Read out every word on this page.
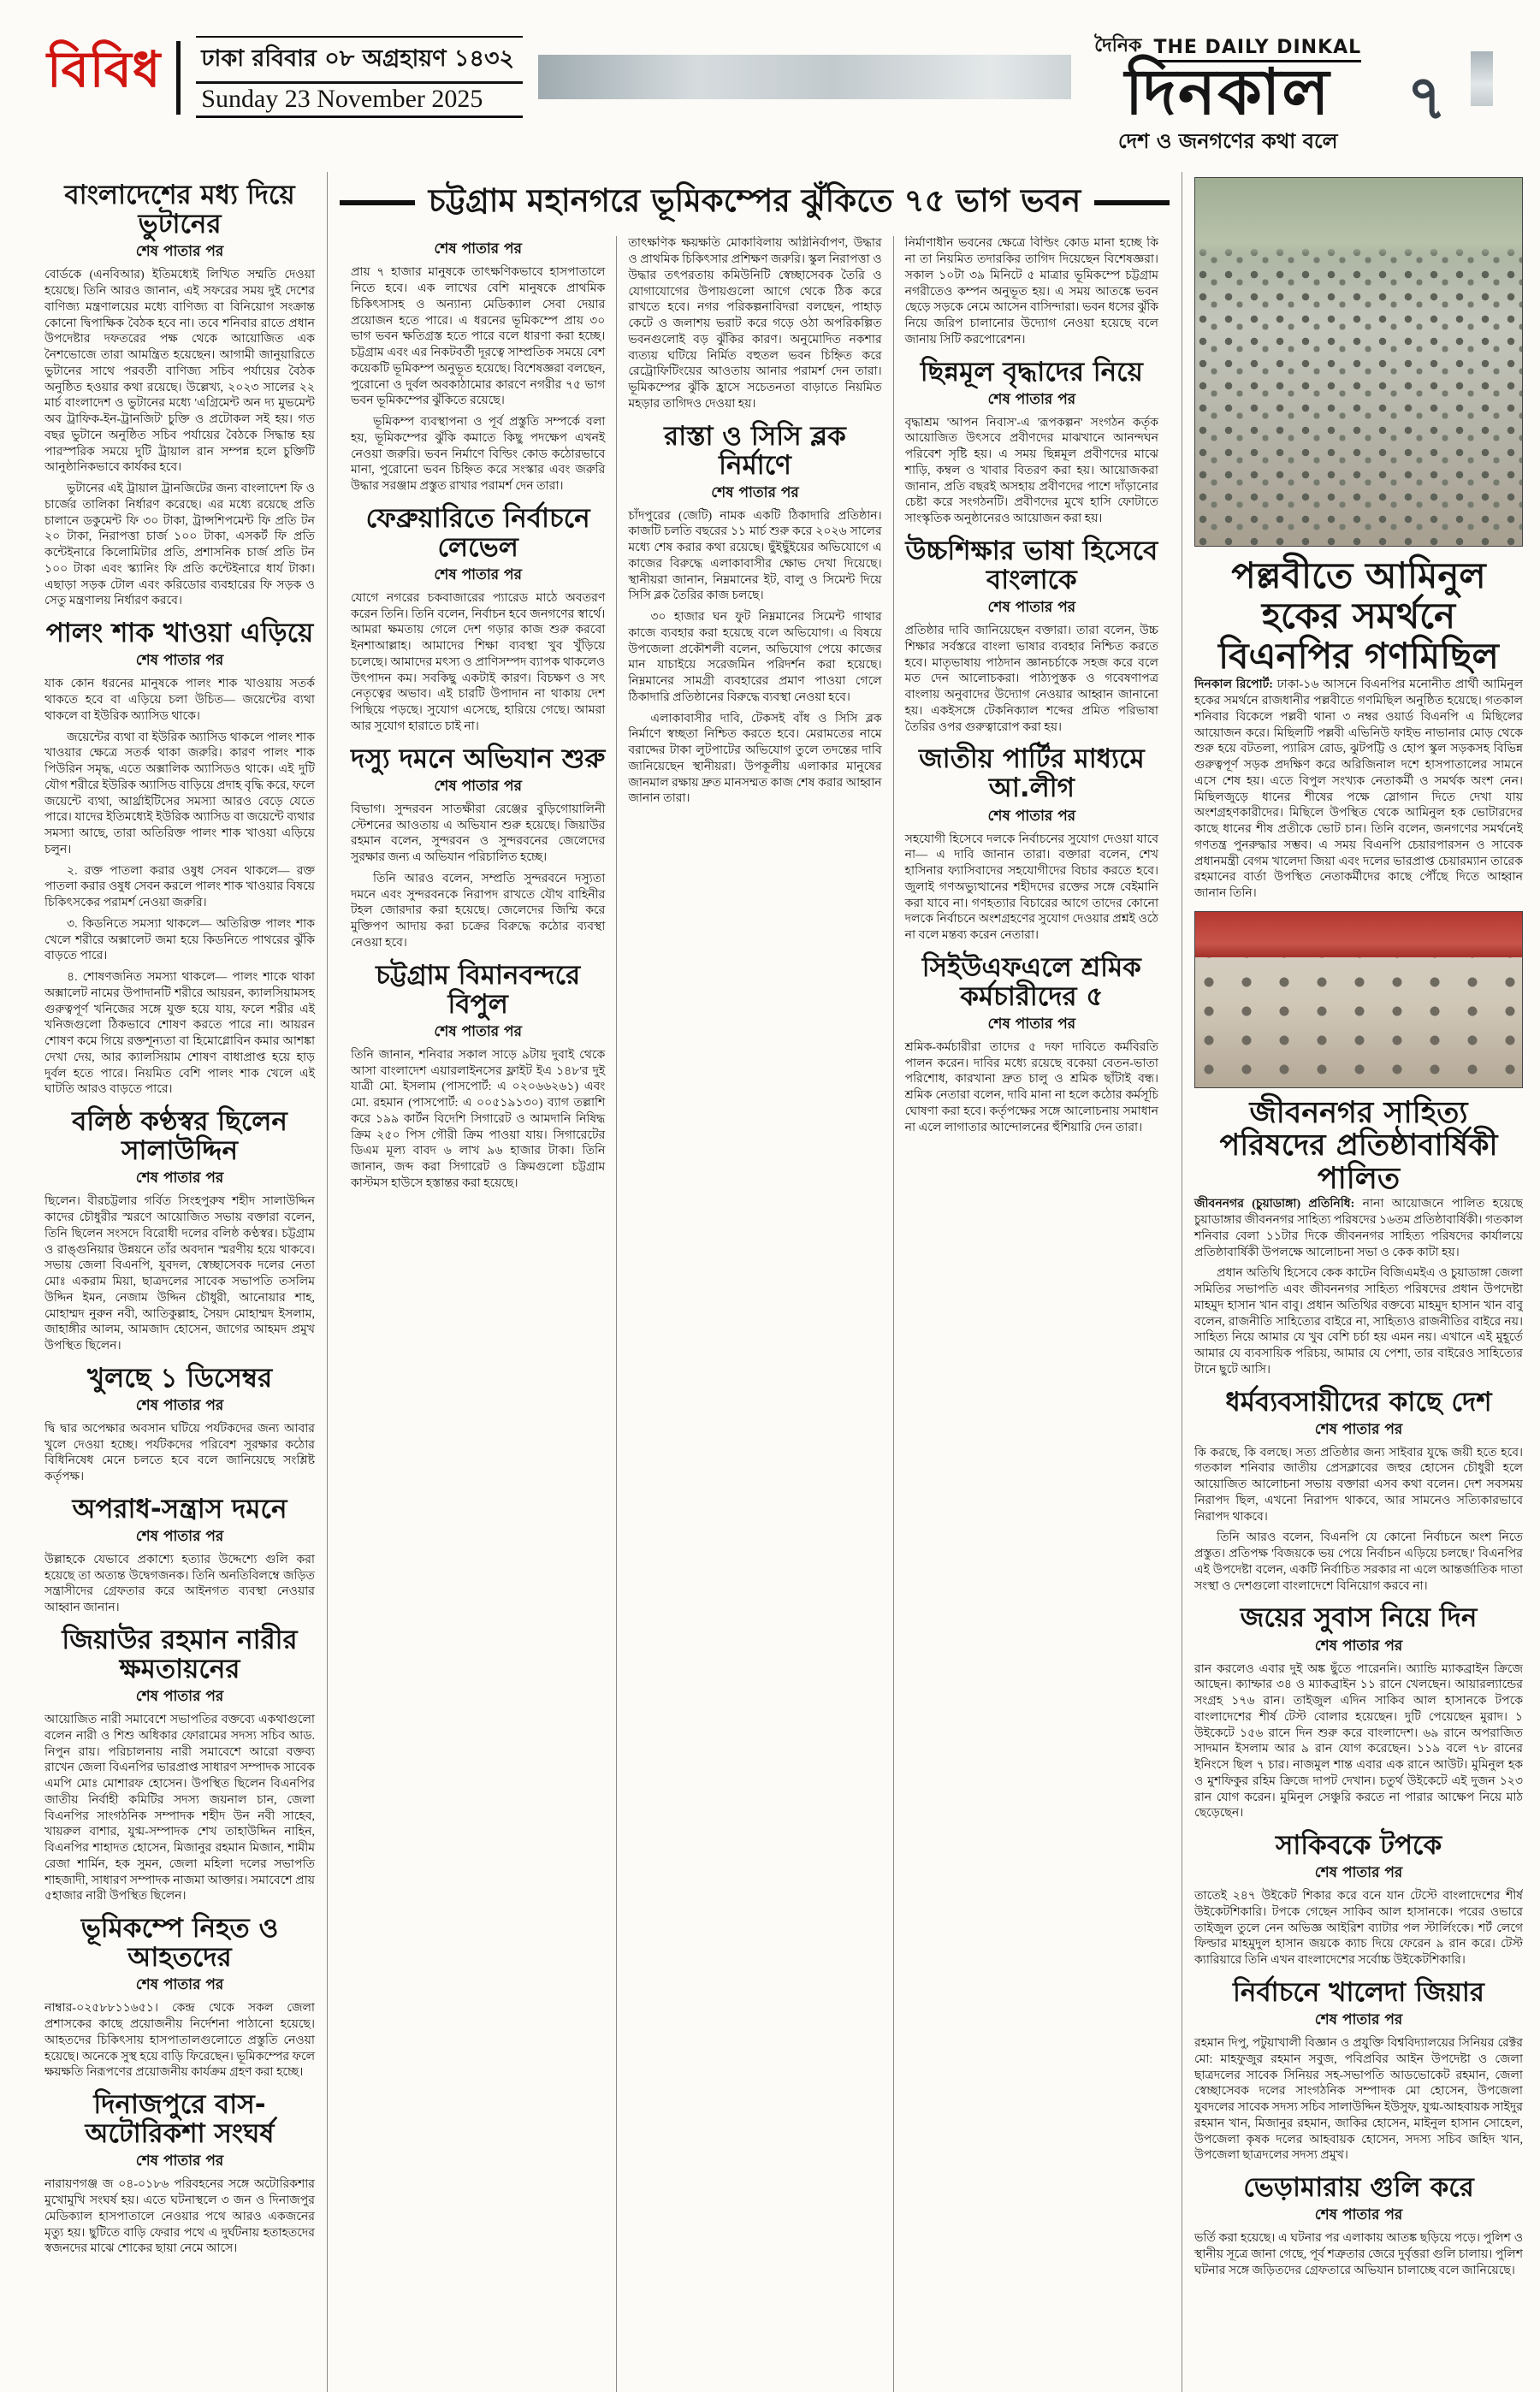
বিবিধ ঢাকা রবিবার ০৮ অগ্রহায়ণ ১৪৩২
Sunday 23 November 2025
দৈনিক THE DAILY DINKAL
দিনকাল
দেশ ও জনগণের কথা বলে
৭
বাংলাদেশের মধ্য দিয়ে ভুটানের
শেষ পাতার পর

বোর্ডকে (এনবিআর) ইতিমধ্যেই লিখিত সম্মতি দেওয়া হয়েছে। তিনি আরও জানান, এই সফরের সময় দুই দেশের বাণিজ্য মন্ত্রণালয়ের মধ্যে বাণিজ্য বা বিনিয়োগ সংক্রান্ত কোনো দ্বিপাক্ষিক বৈঠক হবে না। তবে শনিবার রাতে প্রধান উপদেষ্টার দফতরের পক্ষ থেকে আয়োজিত এক নৈশভোজে তারা আমন্ত্রিত হয়েছেন। আগামী জানুয়ারিতে ভুটানের সাথে পরবর্তী বাণিজ্য সচিব পর্যায়ের বৈঠক অনুষ্ঠিত হওয়ার কথা রয়েছে। উল্লেখ্য, ২০২৩ সালের ২২ মার্চ বাংলাদেশ ও ভুটানের মধ্যে 'এগ্রিমেন্ট অন দ্য মুভমেন্ট অব ট্রাফিক-ইন-ট্রানজিট' চুক্তি ও প্রটোকল সই হয়। গত বছর ভুটানে অনুষ্ঠিত সচিব পর্যায়ের বৈঠকে সিদ্ধান্ত হয় পারস্পরিক সময়ে দুটি ট্রায়াল রান সম্পন্ন হলে চুক্তিটি আনুষ্ঠানিকভাবে কার্যকর হবে।

ভুটানের এই ট্রায়াল ট্রানজিটের জন্য বাংলাদেশ ফি ও চার্জের তালিকা নির্ধারণ করেছে। এর মধ্যে রয়েছে প্রতি চালানে ডকুমেন্ট ফি ৩০ টাকা, ট্রান্সশিপমেন্ট ফি প্রতি টন ২০ টাকা, নিরাপত্তা চার্জ ১০০ টাকা, এসকর্ট ফি প্রতি কন্টেইনারে কিলোমিটার প্রতি, প্রশাসনিক চার্জ প্রতি টন ১০০ টাকা এবং স্ক্যানিং ফি প্রতি কন্টেইনারে ধার্য টাকা। এছাড়া সড়ক টোল এবং করিডোর ব্যবহারের ফি সড়ক ও সেতু মন্ত্রণালয় নির্ধারণ করবে।

পালং শাক খাওয়া এড়িয়ে
শেষ পাতার পর

যাক কোন ধরনের মানুষকে পালং শাক খাওয়ায় সতর্ক থাকতে হবে বা এড়িয়ে চলা উচিত— জয়েন্টের ব্যথা থাকলে বা ইউরিক অ্যাসিড থাকে।

জয়েন্টের ব্যথা বা ইউরিক অ্যাসিড থাকলে পালং শাক খাওয়ার ক্ষেত্রে সতর্ক থাকা জরুরি। কারণ পালং শাক পিউরিন সমৃদ্ধ, এতে অক্সালিক অ্যাসিডও থাকে। এই দুটি যৌগ শরীরে ইউরিক অ্যাসিড বাড়িয়ে প্রদাহ বৃদ্ধি করে, ফলে জয়েন্টে ব্যথা, আর্থ্রাইটিসের সমস্যা আরও বেড়ে যেতে পারে। যাদের ইতিমধ্যেই ইউরিক অ্যাসিড বা জয়েন্টে ব্যথার সমস্যা আছে, তারা অতিরিক্ত পালং শাক খাওয়া এড়িয়ে চলুন।

২. রক্ত পাতলা করার ওষুধ সেবন থাকলে— রক্ত পাতলা করার ওষুধ সেবন করলে পালং শাক খাওয়ার বিষয়ে চিকিৎসকের পরামর্শ নেওয়া জরুরি।

৩. কিডনিতে সমস্যা থাকলে— অতিরিক্ত পালং শাক খেলে শরীরে অক্সালেট জমা হয়ে কিডনিতে পাথরের ঝুঁকি বাড়তে পারে।

৪. শোষণজনিত সমস্যা থাকলে— পালং শাকে থাকা অক্সালেট নামের উপাদানটি শরীরে আয়রন, ক্যালসিয়ামসহ গুরুত্বপূর্ণ খনিজের সঙ্গে যুক্ত হয়ে যায়, ফলে শরীর এই খনিজগুলো ঠিকভাবে শোষণ করতে পারে না। আয়রন শোষণ কমে গিয়ে রক্তশূন্যতা বা হিমোগ্লোবিন কমার আশঙ্কা দেখা দেয়, আর ক্যালসিয়াম শোষণ বাধাপ্রাপ্ত হয়ে হাড় দুর্বল হতে পারে। নিয়মিত বেশি পালং শাক খেলে এই ঘাটতি আরও বাড়তে পারে।

বলিষ্ঠ কণ্ঠস্বর ছিলেন সালাউদ্দিন
শেষ পাতার পর

ছিলেন। বীরচট্টলার গর্বিত সিংহপুরুষ শহীদ সালাউদ্দিন কাদের চৌধুরীর স্মরণে আয়োজিত সভায় বক্তারা বলেন, তিনি ছিলেন সংসদে বিরোধী দলের বলিষ্ঠ কণ্ঠস্বর। চট্টগ্রাম ও রাঙ্গুনিয়ার উন্নয়নে তাঁর অবদান স্মরণীয় হয়ে থাকবে। সভায় জেলা বিএনপি, যুবদল, স্বেচ্ছাসেবক দলের নেতা মোঃ একরাম মিয়া, ছাত্রদলের সাবেক সভাপতি তসলিম উদ্দিন ইমন, নেজাম উদ্দিন চৌধুরী, আনোয়ার শাহ, মোহাম্মদ নুরুন নবী, আতিকুল্লাহ, সৈয়দ মোহাম্মদ ইসলাম, জাহাঙ্গীর আলম, আমজাদ হোসেন, জাগের আহমদ প্রমুখ উপস্থিত ছিলেন।

খুলছে ১ ডিসেম্বর
শেষ পাতার পর

দ্বি দ্বার অপেক্ষার অবসান ঘটিয়ে পর্যটকদের জন্য আবার খুলে দেওয়া হচ্ছে। পর্যটকদের পরিবেশ সুরক্ষার কঠোর বিধিনিষেধ মেনে চলতে হবে বলে জানিয়েছে সংশ্লিষ্ট কর্তৃপক্ষ।

অপরাধ-সন্ত্রাস দমনে
শেষ পাতার পর

উল্লাহকে যেভাবে প্রকাশ্যে হত্যার উদ্দেশ্যে গুলি করা হয়েছে তা অত্যন্ত উদ্বেগজনক। তিনি অনতিবিলম্বে জড়িত সন্ত্রাসীদের গ্রেফতার করে আইনগত ব্যবস্থা নেওয়ার আহ্বান জানান।

জিয়াউর রহমান নারীর ক্ষমতায়নের
শেষ পাতার পর

আয়োজিত নারী সমাবেশে সভাপতির বক্তব্যে একথাগুলো বলেন নারী ও শিশু অধিকার ফোরামের সদস্য সচিব আড. নিপুন রায়। পরিচালনায় নারী সমাবেশে আরো বক্তব্য রাখেন জেলা বিএনপির ভারপ্রাপ্ত সাধারণ সম্পাদক সাবেক এমপি মোঃ মোশারফ হোসেন। উপস্থিত ছিলেন বিএনপির জাতীয় নির্বাহী কমিটির সদস্য জয়নাল চান, জেলা বিএনপির সাংগঠনিক সম্পাদক শহীদ উন নবী সাহেব, খায়রুল বাশার, যুগ্ম-সম্পাদক শেখ তাহাউদ্দিন নাহিন, বিএনপির শাহাদত হোসেন, মিজানুর রহমান মিজান, শামীম রেজা শার্মিন, হক সুমন, জেলা মহিলা দলের সভাপতি শাহজাদী, সাধারণ সম্পাদক নাজমা আক্তার। সমাবেশে প্রায় ৫হাজার নারী উপস্থিত ছিলেন।

ভূমিকম্পে নিহত ও আহতদের
শেষ পাতার পর

নাম্বার-০২৫৮৮১১৬৫১। কেন্দ্র থেকে সকল জেলা প্রশাসকের কাছে প্রয়োজনীয় নির্দেশনা পাঠানো হয়েছে। আহতদের চিকিৎসায় হাসপাতালগুলোতে প্রস্তুতি নেওয়া হয়েছে। অনেকে সুস্থ হয়ে বাড়ি ফিরেছেন। ভূমিকম্পের ফলে ক্ষয়ক্ষতি নিরূপণের প্রয়োজনীয় কার্যক্রম গ্রহণ করা হচ্ছে।

দিনাজপুরে বাস-অটোরিকশা সংঘর্ষ
শেষ পাতার পর

নারায়ণগঞ্জ জ ০৪-০১৮৬ পরিবহনের সঙ্গে অটোরিকশার মুখোমুখি সংঘর্ষ হয়। এতে ঘটনাস্থলে ৩ জন ও দিনাজপুর মেডিক্যাল হাসপাতালে নেওয়ার পথে আরও একজনের মৃত্যু হয়। ছুটিতে বাড়ি ফেরার পথে এ দুর্ঘটনায় হতাহতদের স্বজনদের মাঝে শোকের ছায়া নেমে আসে।

চট্টগ্রাম মহানগরে ভূমিকম্পের ঝুঁকিতে ৭৫ ভাগ ভবন
শেষ পাতার পর

প্রায় ৭ হাজার মানুষকে তাৎক্ষণিকভাবে হাসপাতালে নিতে হবে। এক লাখের বেশি মানুষকে প্রাথমিক চিকিৎসাসহ ও অন্যান্য মেডিক্যাল সেবা দেয়ার প্রয়োজন হতে পারে। এ ধরনের ভূমিকম্পে প্রায় ৩০ ভাগ ভবন ক্ষতিগ্রস্ত হতে পারে বলে ধারণা করা হচ্ছে। চট্টগ্রাম এবং এর নিকটবর্তী দূরত্বে সাম্প্রতিক সময়ে বেশ কয়েকটি ভূমিকম্প অনুভূত হয়েছে। বিশেষজ্ঞরা বলছেন, পুরোনো ও দুর্বল অবকাঠামোর কারণে নগরীর ৭৫ ভাগ ভবন ভূমিকম্পের ঝুঁকিতে রয়েছে।

ভূমিকম্প ব্যবস্থাপনা ও পূর্ব প্রস্তুতি সম্পর্কে বলা হয়, ভূমিকম্পের ঝুঁকি কমাতে কিছু পদক্ষেপ এখনই নেওয়া জরুরি। ভবন নির্মাণে বিল্ডিং কোড কঠোরভাবে মানা, পুরোনো ভবন চিহ্নিত করে সংস্কার এবং জরুরি উদ্ধার সরঞ্জাম প্রস্তুত রাখার পরামর্শ দেন তারা।

ফেব্রুয়ারিতে নির্বাচনে লেভেল
শেষ পাতার পর

যোগে নগরের চকবাজারের প্যারেড মাঠে অবতরণ করেন তিনি। তিনি বলেন, নির্বাচন হবে জনগণের স্বার্থে। আমরা ক্ষমতায় গেলে দেশ গড়ার কাজ শুরু করবো ইনশাআল্লাহ। আমাদের শিক্ষা ব্যবস্থা খুব খুঁড়িয়ে চলেছে। আমাদের মৎস্য ও প্রাণিসম্পদ ব্যাপক থাকলেও উৎপাদন কম। সবকিছু একটাই কারণ। বিচক্ষণ ও সৎ নেতৃত্বের অভাব। এই চারটি উপাদান না থাকায় দেশ পিছিয়ে পড়ছে। সুযোগ এসেছে, হারিয়ে গেছে। আমরা আর সুযোগ হারাতে চাই না।

দস্যু দমনে অভিযান শুরু
শেষ পাতার পর

বিভাগ। সুন্দরবন সাতক্ষীরা রেঞ্জের বুড়িগোয়ালিনী স্টেশনের আওতায় এ অভিযান শুরু হয়েছে। জিয়াউর রহমান বলেন, সুন্দরবন ও সুন্দরবনের জেলেদের সুরক্ষার জন্য এ অভিযান পরিচালিত হচ্ছে।

তিনি আরও বলেন, সম্প্রতি সুন্দরবনে দস্যুতা দমনে এবং সুন্দরবনকে নিরাপদ রাখতে যৌথ বাহিনীর টহল জোরদার করা হয়েছে। জেলেদের জিম্মি করে মুক্তিপণ আদায় করা চক্রের বিরুদ্ধে কঠোর ব্যবস্থা নেওয়া হবে।

চট্টগ্রাম বিমানবন্দরে বিপুল
শেষ পাতার পর

তিনি জানান, শনিবার সকাল সাড়ে ৯টায় দুবাই থেকে আসা বাংলাদেশ এয়ারলাইনসের ফ্লাইট ইএ ১৪৮'র দুই যাত্রী মো. ইসলাম (পাসপোর্ট: এ ০২০৬৬২৬১) এবং মো. রহমান (পাসপোর্ট: এ ০০৫১৯১৩০) ব্যাগ তল্লাশি করে ১৯৯ কার্টন বিদেশি সিগারেট ও আমদানি নিষিদ্ধ ক্রিম ২৫০ পিস গৌরী ক্রিম পাওয়া যায়। সিগারেটের ডিএম মূল্য বাবদ ৬ লাখ ৯৬ হাজার টাকা। তিনি জানান, জব্দ করা সিগারেট ও ক্রিমগুলো চট্টগ্রাম কাস্টমস হাউসে হস্তান্তর করা হয়েছে।

তাৎক্ষণিক ক্ষয়ক্ষতি মোকাবিলায় অগ্নিনির্বাপণ, উদ্ধার ও প্রাথমিক চিকিৎসার প্রশিক্ষণ জরুরি। স্কুল নিরাপত্তা ও উদ্ধার তৎপরতায় কমিউনিটি স্বেচ্ছাসেবক তৈরি ও যোগাযোগের উপায়গুলো আগে থেকে ঠিক করে রাখতে হবে। নগর পরিকল্পনাবিদরা বলছেন, পাহাড় কেটে ও জলাশয় ভরাট করে গড়ে ওঠা অপরিকল্পিত ভবনগুলোই বড় ঝুঁকির কারণ। অনুমোদিত নকশার ব্যত্যয় ঘটিয়ে নির্মিত বহুতল ভবন চিহ্নিত করে রেট্রোফিটিংয়ের আওতায় আনার পরামর্শ দেন তারা। ভূমিকম্পের ঝুঁকি হ্রাসে সচেতনতা বাড়াতে নিয়মিত মহড়ার তাগিদও দেওয়া হয়।

রাস্তা ও সিসি ব্লক নির্মাণে
শেষ পাতার পর

চাঁদপুরের (জেটি) নামক একটি ঠিকাদারি প্রতিষ্ঠান। কাজটি চলতি বছরের ১১ মার্চ শুরু করে ২০২৬ সালের মধ্যে শেষ করার কথা রয়েছে। ছুঁইছুঁইয়ের অভিযোগে এ কাজের বিরুদ্ধে এলাকাবাসীর ক্ষোভ দেখা দিয়েছে। স্থানীয়রা জানান, নিম্নমানের ইট, বালু ও সিমেন্ট দিয়ে সিসি ব্লক তৈরির কাজ চলছে।

৩০ হাজার ঘন ফুট নিম্নমানের সিমেন্ট গাথার কাজে ব্যবহার করা হয়েছে বলে অভিযোগ। এ বিষয়ে উপজেলা প্রকৌশলী বলেন, অভিযোগ পেয়ে কাজের মান যাচাইয়ে সরেজমিন পরিদর্শন করা হয়েছে। নিম্নমানের সামগ্রী ব্যবহারের প্রমাণ পাওয়া গেলে ঠিকাদারি প্রতিষ্ঠানের বিরুদ্ধে ব্যবস্থা নেওয়া হবে।

এলাকাবাসীর দাবি, টেকসই বাঁধ ও সিসি ব্লক নির্মাণে স্বচ্ছতা নিশ্চিত করতে হবে। মেরামতের নামে বরাদ্দের টাকা লুটপাটের অভিযোগ তুলে তদন্তের দাবি জানিয়েছেন স্থানীয়রা। উপকূলীয় এলাকার মানুষের জানমাল রক্ষায় দ্রুত মানসম্মত কাজ শেষ করার আহ্বান জানান তারা।

নির্মাণাধীন ভবনের ক্ষেত্রে বিল্ডিং কোড মানা হচ্ছে কি না তা নিয়মিত তদারকির তাগিদ দিয়েছেন বিশেষজ্ঞরা। সকাল ১০টা ৩৯ মিনিটে ৫ মাত্রার ভূমিকম্পে চট্টগ্রাম নগরীতেও কম্পন অনুভূত হয়। এ সময় আতঙ্কে ভবন ছেড়ে সড়কে নেমে আসেন বাসিন্দারা। ভবন ধসের ঝুঁকি নিয়ে জরিপ চালানোর উদ্যোগ নেওয়া হয়েছে বলে জানায় সিটি করপোরেশন।

ছিন্নমূল বৃদ্ধাদের নিয়ে
শেষ পাতার পর

বৃদ্ধাশ্রম 'আপন নিবাস'-এ 'রূপকল্পন' সংগঠন কর্তৃক আয়োজিত উৎসবে প্রবীণদের মাঝখানে আনন্দঘন পরিবেশ সৃষ্টি হয়। এ সময় ছিন্নমূল প্রবীণদের মাঝে শাড়ি, কম্বল ও খাবার বিতরণ করা হয়। আয়োজকরা জানান, প্রতি বছরই অসহায় প্রবীণদের পাশে দাঁড়ানোর চেষ্টা করে সংগঠনটি। প্রবীণদের মুখে হাসি ফোটাতে সাংস্কৃতিক অনুষ্ঠানেরও আয়োজন করা হয়।

উচ্চশিক্ষার ভাষা হিসেবে বাংলাকে
শেষ পাতার পর

প্রতিষ্ঠার দাবি জানিয়েছেন বক্তারা। তারা বলেন, উচ্চ শিক্ষার সর্বস্তরে বাংলা ভাষার ব্যবহার নিশ্চিত করতে হবে। মাতৃভাষায় পাঠদান জ্ঞানচর্চাকে সহজ করে বলে মত দেন আলোচকরা। পাঠ্যপুস্তক ও গবেষণাপত্র বাংলায় অনুবাদের উদ্যোগ নেওয়ার আহ্বান জানানো হয়। একইসঙ্গে টেকনিক্যাল শব্দের প্রমিত পরিভাষা তৈরির ওপর গুরুত্বারোপ করা হয়।

জাতীয় পার্টির মাধ্যমে আ.লীগ
শেষ পাতার পর

সহযোগী হিসেবে দলকে নির্বাচনের সুযোগ দেওয়া যাবে না— এ দাবি জানান তারা। বক্তারা বলেন, শেখ হাসিনার ফ্যাসিবাদের সহযোগীদের বিচার করতে হবে। জুলাই গণঅভ্যুত্থানের শহীদদের রক্তের সঙ্গে বেইমানি করা যাবে না। গণহত্যার বিচারের আগে তাদের কোনো দলকে নির্বাচনে অংশগ্রহণের সুযোগ দেওয়ার প্রশ্নই ওঠে না বলে মন্তব্য করেন নেতারা।

সিইউএফএলে শ্রমিক কর্মচারীদের ৫
শেষ পাতার পর

শ্রমিক-কর্মচারীরা তাদের ৫ দফা দাবিতে কর্মবিরতি পালন করেন। দাবির মধ্যে রয়েছে বকেয়া বেতন-ভাতা পরিশোধ, কারখানা দ্রুত চালু ও শ্রমিক ছাঁটাই বন্ধ। শ্রমিক নেতারা বলেন, দাবি মানা না হলে কঠোর কর্মসূচি ঘোষণা করা হবে। কর্তৃপক্ষের সঙ্গে আলোচনায় সমাধান না এলে লাগাতার আন্দোলনের হুঁশিয়ারি দেন তারা।

পল্লবীতে আমিনুল হকের সমর্থনে বিএনপির গণমিছিল

দিনকাল রিপোর্ট: ঢাকা-১৬ আসনে বিএনপির মনোনীত প্রার্থী আমিনুল হকের সমর্থনে রাজধানীর পল্লবীতে গণমিছিল অনুষ্ঠিত হয়েছে। গতকাল শনিবার বিকেলে পল্লবী থানা ৩ নম্বর ওয়ার্ড বিএনপি এ মিছিলের আয়োজন করে। মিছিলটি পল্লবী এভিনিউ ফাইভ নাভানার মোড় থেকে শুরু হয়ে বটতলা, প্যারিস রোড, ঝুটপট্টি ও হোপ স্কুল সড়কসহ বিভিন্ন গুরুত্বপূর্ণ সড়ক প্রদক্ষিণ করে অরিজিনাল দশে হাসপাতালের সামনে এসে শেষ হয়। এতে বিপুল সংখ্যক নেতাকর্মী ও সমর্থক অংশ নেন। মিছিলজুড়ে ধানের শীষের পক্ষে স্লোগান দিতে দেখা যায় অংশগ্রহণকারীদের। মিছিলে উপস্থিত থেকে আমিনুল হক ভোটারদের কাছে ধানের শীষ প্রতীকে ভোট চান। তিনি বলেন, জনগণের সমর্থনেই গণতন্ত্র পুনরুদ্ধার সম্ভব। এ সময় বিএনপি চেয়ারপারসন ও সাবেক প্রধানমন্ত্রী বেগম খালেদা জিয়া এবং দলের ভারপ্রাপ্ত চেয়ারম্যান তারেক রহমানের বার্তা উপস্থিত নেতাকর্মীদের কাছে পৌঁছে দিতে আহ্বান জানান তিনি।

জীবননগর সাহিত্য পরিষদের প্রতিষ্ঠাবার্ষিকী পালিত

জীবননগর (চুয়াডাঙ্গা) প্রতিনিধি: নানা আয়োজনে পালিত হয়েছে চুয়াডাঙ্গার জীবননগর সাহিত্য পরিষদের ১৬তম প্রতিষ্ঠাবার্ষিকী। গতকাল শনিবার বেলা ১১টার দিকে জীবননগর সাহিত্য পরিষদের কার্যালয়ে প্রতিষ্ঠাবার্ষিকী উপলক্ষে আলোচনা সভা ও কেক কাটা হয়।

প্রধান অতিথি হিসেবে কেক কাটেন বিজিএমইএ ও চুয়াডাঙ্গা জেলা সমিতির সভাপতি এবং জীবননগর সাহিত্য পরিষদের প্রধান উপদেষ্টা মাহমুদ হাসান খান বাবু। প্রধান অতিথির বক্তব্যে মাহমুদ হাসান খান বাবু বলেন, রাজনীতি সাহিত্যের বাইরে না, সাহিত্যও রাজনীতির বাইরে নয়। সাহিত্য নিয়ে আমার যে খুব বেশি চর্চা হয় এমন নয়। এখানে এই মুহূর্তে আমার যে ব্যবসায়িক পরিচয়, আমার যে পেশা, তার বাইরেও সাহিত্যের টানে ছুটে আসি।

ধর্মব্যবসায়ীদের কাছে দেশ
শেষ পাতার পর

কি করছে, কি বলছে। সত্য প্রতিষ্ঠার জন্য সাইবার যুদ্ধে জয়ী হতে হবে। গতকাল শনিবার জাতীয় প্রেসক্লাবের জহুর হোসেন চৌধুরী হলে আয়োজিত আলোচনা সভায় বক্তারা এসব কথা বলেন। দেশ সবসময় নিরাপদ ছিল, এখনো নিরাপদ থাকবে, আর সামনেও সত্যিকারভাবে নিরাপদ থাকবে।

তিনি আরও বলেন, বিএনপি যে কোনো নির্বাচনে অংশ নিতে প্রস্তুত। প্রতিপক্ষ 'বিজয়কে ভয় পেয়ে নির্বাচন এড়িয়ে চলছে।' বিএনপির এই উপদেষ্টা বলেন, একটি নির্বাচিত সরকার না এলে আন্তর্জাতিক দাতা সংস্থা ও দেশগুলো বাংলাদেশে বিনিয়োগ করবে না।

জয়ের সুবাস নিয়ে দিন
শেষ পাতার পর

রান করলেও এবার দুই অঙ্ক ছুঁতে পারেননি। অ্যান্ডি ম্যাকব্রাইন ক্রিজে আছেন। ক্যাম্ফার ৩৪ ও ম্যাকব্রাইন ১১ রানে খেলছেন। আয়ারল্যান্ডের সংগ্রহ ১৭৬ রান। তাইজুল এদিন সাকিব আল হাসানকে টপকে বাংলাদেশের শীর্ষ টেস্ট বোলার হয়েছেন। দুটি পেয়েছেন মুরাদ। ১ উইকেটে ১৫৬ রানে দিন শুরু করে বাংলাদেশ। ৬৯ রানে অপরাজিত সাদমান ইসলাম আর ৯ রান যোগ করেছেন। ১১৯ বলে ৭৮ রানের ইনিংসে ছিল ৭ চার। নাজমুল শান্ত এবার এক রানে আউট। মুমিনুল হক ও মুশফিকুর রহিম ক্রিজে দাপট দেখান। চতুর্থ উইকেটে এই দুজন ১২৩ রান যোগ করেন। মুমিনুল সেঞ্চুরি করতে না পারার আক্ষেপ নিয়ে মাঠ ছেড়েছেন।

সাকিবকে টপকে
শেষ পাতার পর

তাতেই ২৪৭ উইকেট শিকার করে বনে যান টেস্টে বাংলাদেশের শীর্ষ উইকেটশিকারি। টপকে গেছেন সাকিব আল হাসানকে। পরের ওভারে তাইজুল তুলে নেন অভিজ্ঞ আইরিশ ব্যাটার পল স্টার্লিংকে। শর্ট লেগে ফিল্ডার মাহমুদুল হাসান জয়কে ক্যাচ দিয়ে ফেরেন ৯ রান করে। টেস্ট ক্যারিয়ারে তিনি এখন বাংলাদেশের সর্বোচ্চ উইকেটশিকারি।

নির্বাচনে খালেদা জিয়ার
শেষ পাতার পর

রহমান দিপু, পটুয়াখালী বিজ্ঞান ও প্রযুক্তি বিশ্ববিদ্যালয়ের সিনিয়র রেক্টর মো: মাহফুজুর রহমান সবুজ, পবিপ্রবির আইন উপদেষ্টা ও জেলা ছাত্রদলের সাবেক সিনিয়র সহ-সভাপতি আডভোকেট রহমান, জেলা স্বেচ্ছাসেবক দলের সাংগঠনিক সম্পাদক মো হোসেন, উপজেলা যুবদলের সাবেক সদস্য সচিব সালাউদ্দিন ইউসুফ, যুগ্ম-আহবায়ক সাইদুর রহমান খান, মিজানুর রহমান, জাকির হোসেন, মাইনুল হাসান সোহেল, উপজেলা কৃষক দলের আহবায়ক হোসেন, সদস্য সচিব জহিদ খান, উপজেলা ছাত্রদলের সদস্য প্রমুখ।

ভেড়ামারায় গুলি করে
শেষ পাতার পর

ভর্তি করা হয়েছে। এ ঘটনার পর এলাকায় আতঙ্ক ছড়িয়ে পড়ে। পুলিশ ও স্থানীয় সূত্রে জানা গেছে, পূর্ব শত্রুতার জেরে দুর্বৃত্তরা গুলি চালায়। পুলিশ ঘটনার সঙ্গে জড়িতদের গ্রেফতারে অভিযান চালাচ্ছে বলে জানিয়েছে।
